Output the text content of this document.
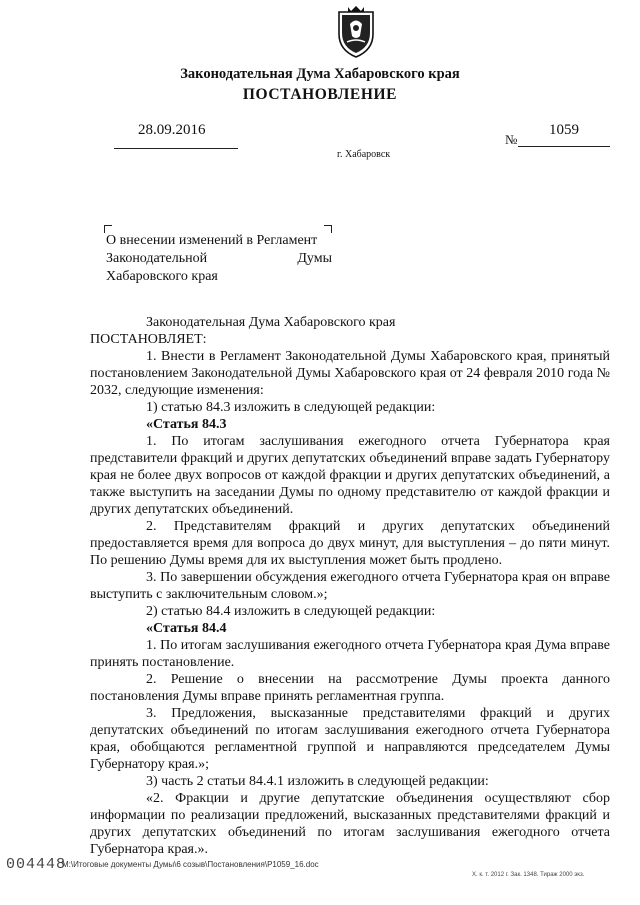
Законодательная Дума Хабаровского края
ПОСТАНОВЛЕНИЕ
28.09.2016
№
1059
г. Хабаровск
О внесении изменений в Регламент
Законодательной	Думы
Хабаровского края

Законодательная Дума Хабаровского края

ПОСТАНОВЛЯЕТ:

1. Внести в Регламент Законодательной Думы Хабаровского края, принятый постановлением Законодательной Думы Хабаровского края от 24 февраля 2010 года № 2032, следующие изменения:

1) статью 84.3 изложить в следующей редакции:

«Статья 84.3

1. По итогам заслушивания ежегодного отчета Губернатора края представители фракций и других депутатских объединений вправе задать Губернатору края не более двух вопросов от каждой фракции и других депутатских объединений, а также выступить на заседании Думы по одному представителю от каждой фракции и других депутатских объединений.

2. Представителям фракций и других депутатских объединений предоставляется время для вопроса до двух минут, для выступления – до пяти минут. По решению Думы время для их выступления может быть продлено.

3. По завершении обсуждения ежегодного отчета Губернатора края он вправе выступить с заключительным словом.»;

2) статью 84.4 изложить в следующей редакции:

«Статья 84.4

1. По итогам заслушивания ежегодного отчета Губернатора края Дума вправе принять постановление.

2. Решение о внесении на рассмотрение Думы проекта данного постановления Думы вправе принять регламентная группа.

3. Предложения, высказанные представителями фракций и других депутатских объединений по итогам заслушивания ежегодного отчета Губернатора края, обобщаются регламентной группой и направляются председателем Думы Губернатору края.»;

3) часть 2 статьи 84.4.1 изложить в следующей редакции:

«2. Фракции и другие депутатские объединения осуществляют сбор информации по реализации предложений, высказанных представителями фракций и других депутатских объединений по итогам заслушивания ежегодного отчета Губернатора края.».

004448
М:\Итоговые документы Думы\6 созыв\Постановления\P1059_16.doc
Х. к. т. 2012 г. Зак. 1348. Тираж 2000 экз.
